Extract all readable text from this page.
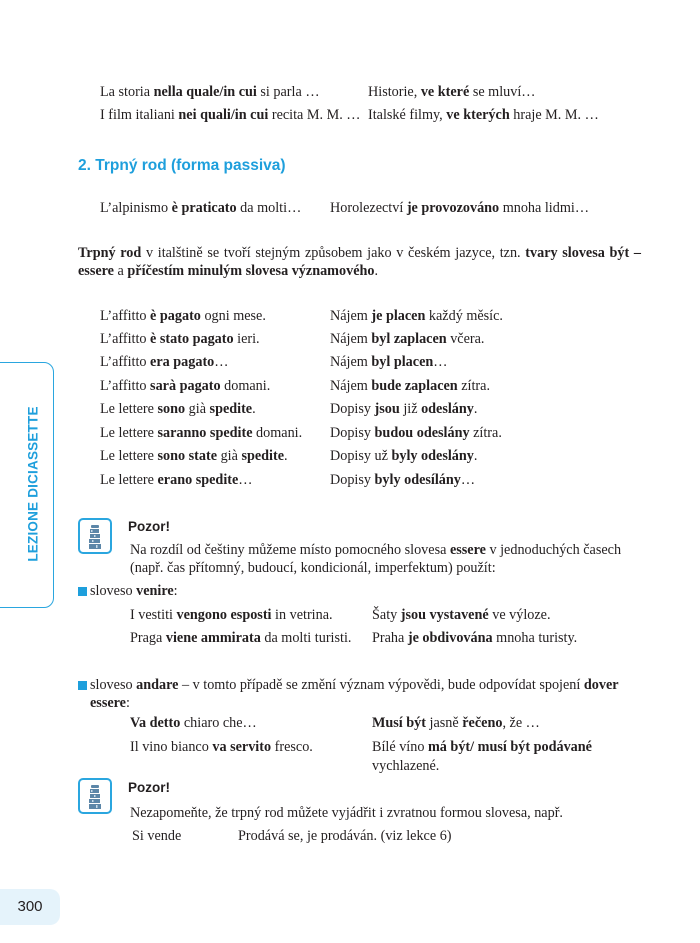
LEZIONE DICIASSETTE
La storia nella quale/in cui si parla …	Historie, ve které se mluví…
I film italiani nei quali/in cui recita M. M. … Italské filmy, ve kterých hraje M. M. …
2. Trpný rod (forma passiva)
L’alpinismo è praticato da molti… Horolezectví je provozováno mnoha lidmi…
Trpný rod v italštině se tvoří stejným způsobem jako v českém jazyce, tzn. tvary slovesa být – essere a příčestím minulým slovesa významového.
L’affitto è pagato ogni mese.	Nájem je placen každý měsíc.
L’affitto è stato pagato ieri.	Nájem byl zaplacen včera.
L’affitto era pagato…	Nájem byl placen…
L’affitto sarà pagato domani.	Nájem bude zaplacen zítra.
Le lettere sono già spedite.	Dopisy jsou již odeslány.
Le lettere saranno spedite domani. Dopisy budou odeslány zítra.
Le lettere sono state già spedite.	Dopisy už byly odeslány.
Le lettere erano spedite…	Dopisy byly odesílány…
Pozor!
Na rozdíl od češtiny můžeme místo pomocného slovesa essere v jednoduchých časech
(např. čas přítomný, budoucí, kondicionál, imperfektum) použít:
sloveso venire:
I vestiti vengono esposti in vetrina.	Šaty jsou vystavené ve výloze.
Praga viene ammirata da molti turisti. Praha je obdivována mnoha turisty.
sloveso andare – v tomto případě se změní význam výpovědi, bude odpovídat spojení dover
essere:
Va detto chiaro che…	Musí být jasně řečeno, že …
Il vino bianco va servito fresco.	Bílé víno má být/ musí být podávané
vychlazené.
Pozor!
Nezapomeňte, že trpný rod můžete vyjádřit i zvratnou formou slovesa, např.
Si vende	Prodává se, je prodáván. (viz lekce 6)
300
